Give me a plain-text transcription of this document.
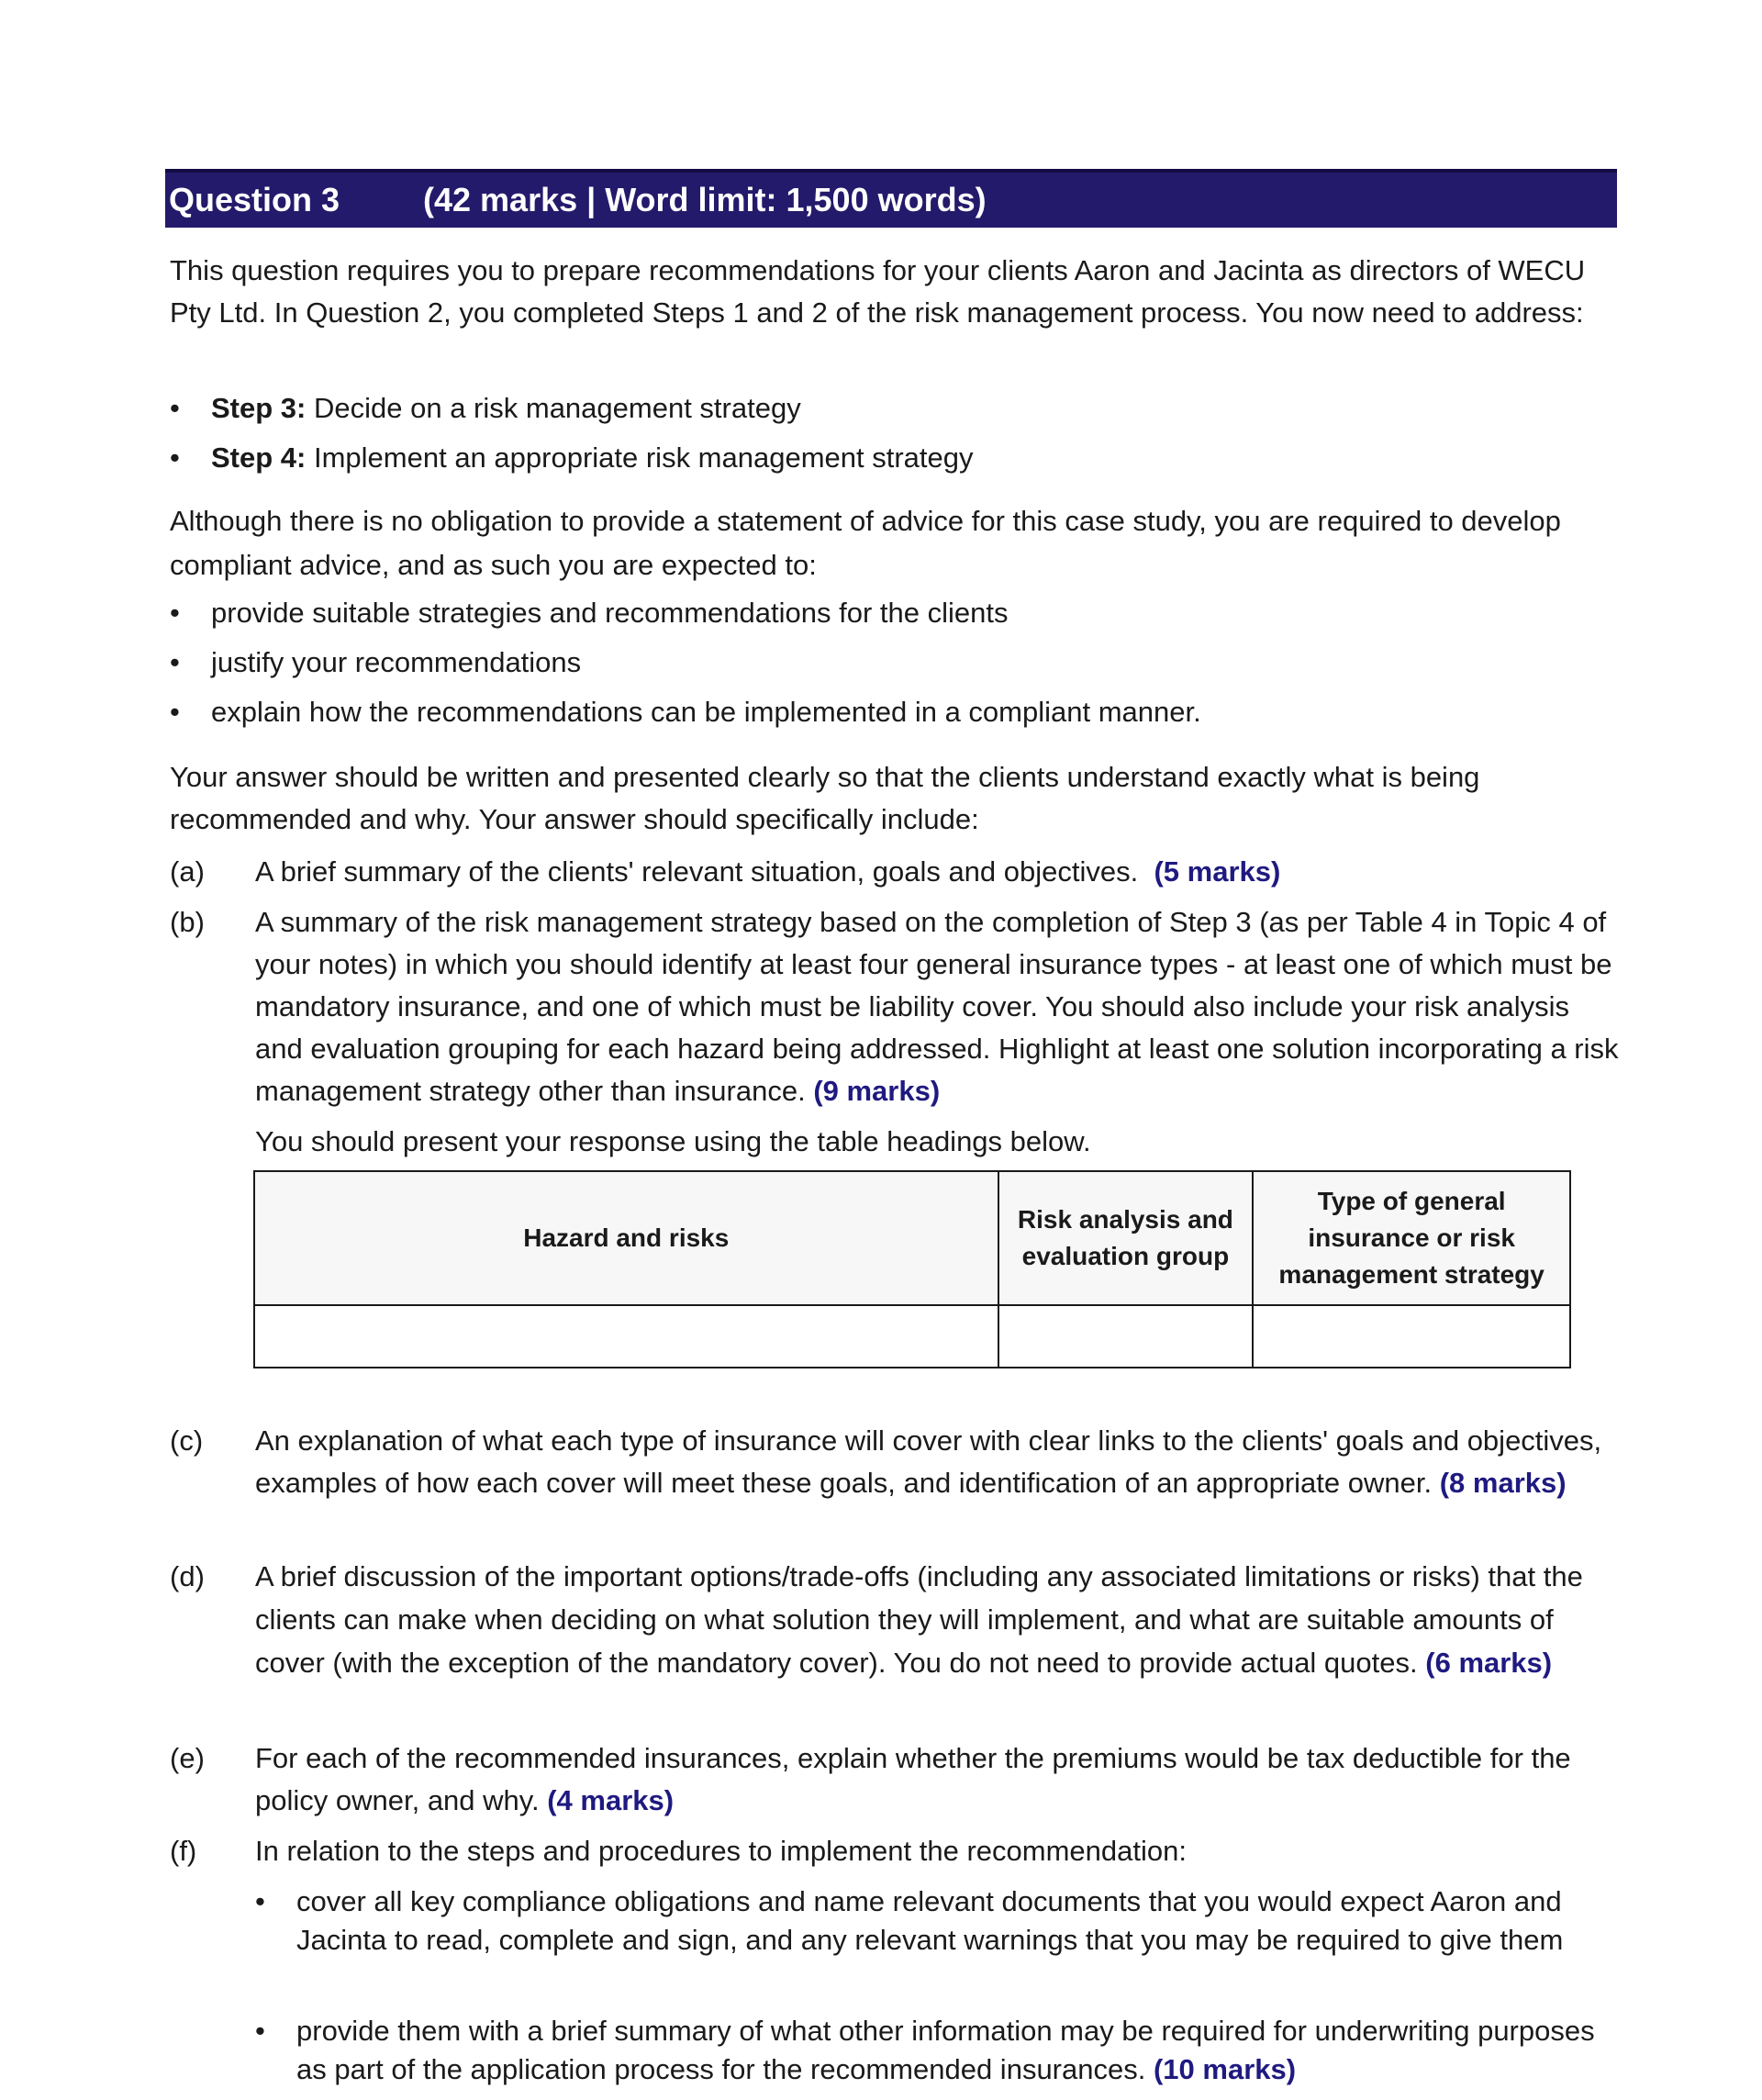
Question 3	(42 marks | Word limit: 1,500 words)

This question requires you to prepare recommendations for your clients Aaron and Jacinta as directors of WECU Pty Ltd. In Question 2, you completed Steps 1 and 2 of the risk management process. You now need to address:

• Step 3: Decide on a risk management strategy
• Step 4: Implement an appropriate risk management strategy

Although there is no obligation to provide a statement of advice for this case study, you are required to develop compliant advice, and as such you are expected to:

• provide suitable strategies and recommendations for the clients
• justify your recommendations
• explain how the recommendations can be implemented in a compliant manner.

Your answer should be written and presented clearly so that the clients understand exactly what is being recommended and why. Your answer should specifically include:

(a) A brief summary of the clients' relevant situation, goals and objectives. (5 marks)
(b) A summary of the risk management strategy based on the completion of Step 3 (as per Table 4 in Topic 4 of your notes) in which you should identify at least four general insurance types - at least one of which must be mandatory insurance, and one of which must be liability cover. You should also include your risk analysis and evaluation grouping for each hazard being addressed. Highlight at least one solution incorporating a risk management strategy other than insurance. (9 marks)
You should present your response using the table headings below.
Hazard and risks	Risk analysis and evaluation group	Type of general insurance or risk management strategy

(c) An explanation of what each type of insurance will cover with clear links to the clients' goals and objectives, examples of how each cover will meet these goals, and identification of an appropriate owner. (8 marks)
(d) A brief discussion of the important options/trade-offs (including any associated limitations or risks) that the clients can make when deciding on what solution they will implement, and what are suitable amounts of cover (with the exception of the mandatory cover). You do not need to provide actual quotes. (6 marks)
(e) For each of the recommended insurances, explain whether the premiums would be tax deductible for the policy owner, and why. (4 marks)
(f) In relation to the steps and procedures to implement the recommendation:
• cover all key compliance obligations and name relevant documents that you would expect Aaron and Jacinta to read, complete and sign, and any relevant warnings that you may be required to give them
• provide them with a brief summary of what other information may be required for underwriting purposes as part of the application process for the recommended insurances. (10 marks)
